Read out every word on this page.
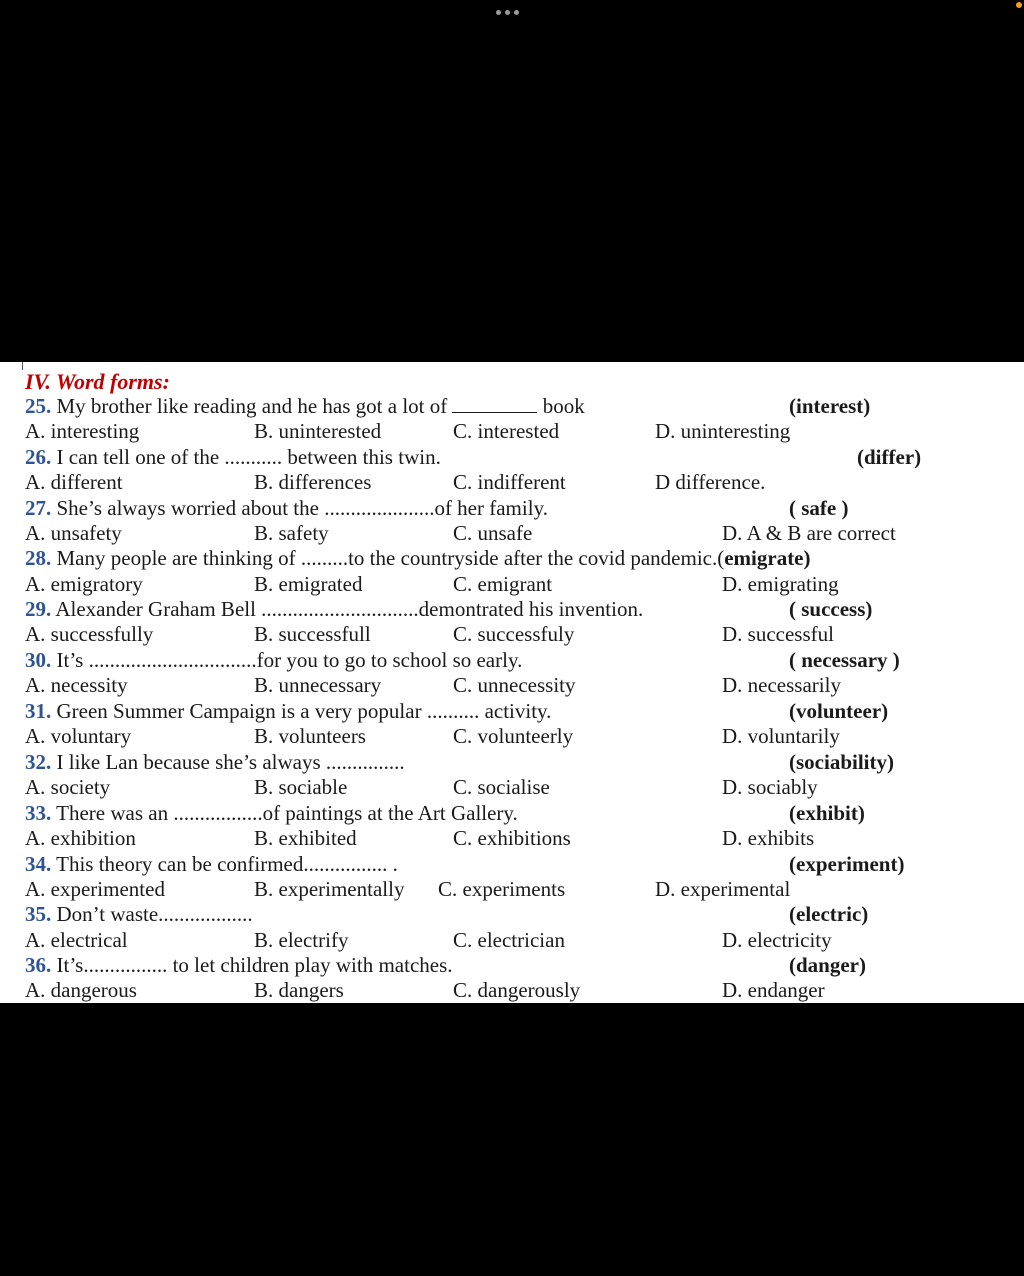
IV. Word forms:
25. My brother like reading and he has got a lot of	book	(interest)
A. interesting	B. uninterested	C. interested	D. uninteresting
26. I can tell one of the ........... between this twin.	(differ)
A. different	B. differences	C. indifferent	D difference.
27. She’s always worried about the .....................of her family.	( safe )
A. unsafety	B. safety	C. unsafe	D. A & B are correct
28. Many people are thinking of .........to the countryside after the covid pandemic.(emigrate)
A. emigratory	B. emigrated	C. emigrant	D. emigrating
29. Alexander Graham Bell ..............................demontrated his invention.	( success)
A. successfully	B. successfull	C. successfuly	D. successful
30. It’s ................................for you to go to school so early.	( necessary )
A. necessity	B. unnecessary	C. unnecessity	D. necessarily
31. Green Summer Campaign is a very popular .......... activity.	(volunteer)
A. voluntary	B. volunteers	C. volunteerly	D. voluntarily
32. I like Lan because she’s always ...............	(sociability)
A. society	B. sociable	C. socialise	D. sociably
33. There was an .................of paintings at the Art Gallery.	(exhibit)
A. exhibition	B. exhibited	C. exhibitions	D. exhibits
34. This theory can be confirmed................ .	(experiment)
A. experimented	B. experimentally C. experiments	D. experimental
35. Don’t waste..................	(electric)
A. electrical	B. electrify	C. electrician	D. electricity
36. It’s................ to let children play with matches.	(danger)
A. dangerous	B. dangers	C. dangerously	D. endanger
